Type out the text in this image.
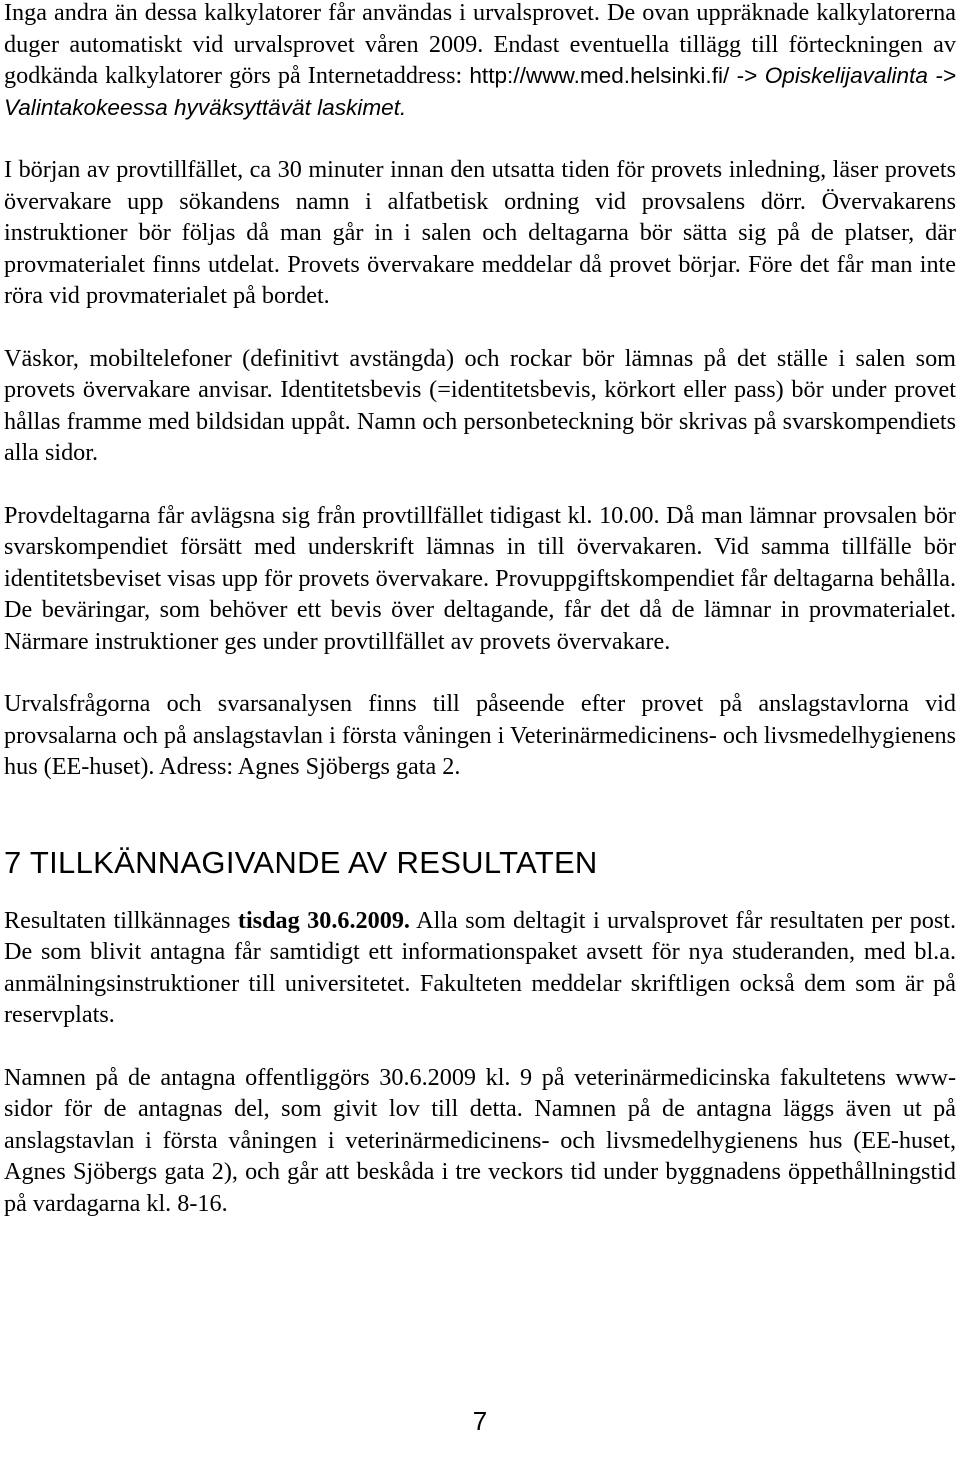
Inga andra än dessa kalkylatorer får användas i urvalsprovet. De ovan uppräknade kalkylatorerna duger automatiskt vid urvalsprovet våren 2009. Endast eventuella tillägg till förteckningen av godkända kalkylatorer görs på Internetaddress: http://www.med.helsinki.fi/ -> Opiskelijavalinta -> Valintakokeessa hyväksyttävät laskimet.

I början av provtillfället, ca 30 minuter innan den utsatta tiden för provets inledning, läser provets övervakare upp sökandens namn i alfatbetisk ordning vid provsalens dörr. Övervakarens instruktioner bör följas då man går in i salen och deltagarna bör sätta sig på de platser, där provmaterialet finns utdelat. Provets övervakare meddelar då provet börjar. Före det får man inte röra vid provmaterialet på bordet.

Väskor, mobiltelefoner (definitivt avstängda) och rockar bör lämnas på det ställe i salen som provets övervakare anvisar. Identitetsbevis (=identitetsbevis, körkort eller pass) bör under provet hållas framme med bildsidan uppåt. Namn och personbeteckning bör skrivas på svarskompendiets alla sidor.

Provdeltagarna får avlägsna sig från provtillfället tidigast kl. 10.00. Då man lämnar provsalen bör svarskompendiet försätt med underskrift lämnas in till övervakaren. Vid samma tillfälle bör identitetsbeviset visas upp för provets övervakare. Provuppgiftskompendiet får deltagarna behålla. De beväringar, som behöver ett bevis över deltagande, får det då de lämnar in provmaterialet. Närmare instruktioner ges under provtillfället av provets övervakare.

Urvalsfrågorna och svarsanalysen finns till påseende efter provet på anslagstavlorna vid provsalarna och på anslagstavlan i första våningen i Veterinärmedicinens- och livsmedelhygienens hus (EE-huset). Adress: Agnes Sjöbergs gata 2.

7 TILLKÄNNAGIVANDE AV RESULTATEN

Resultaten tillkännages tisdag 30.6.2009. Alla som deltagit i urvalsprovet får resultaten per post. De som blivit antagna får samtidigt ett informationspaket avsett för nya studeranden, med bl.a. anmälningsinstruktioner till universitetet. Fakulteten meddelar skriftligen också dem som är på reservplats.

Namnen på de antagna offentliggörs 30.6.2009 kl. 9 på veterinärmedicinska fakultetens www-sidor för de antagnas del, som givit lov till detta. Namnen på de antagna läggs även ut på anslagstavlan i första våningen i veterinärmedicinens- och livsmedelhygienens hus (EE-huset, Agnes Sjöbergs gata 2), och går att beskåda i tre veckors tid under byggnadens öppethållningstid på vardagarna kl. 8-16.

7
